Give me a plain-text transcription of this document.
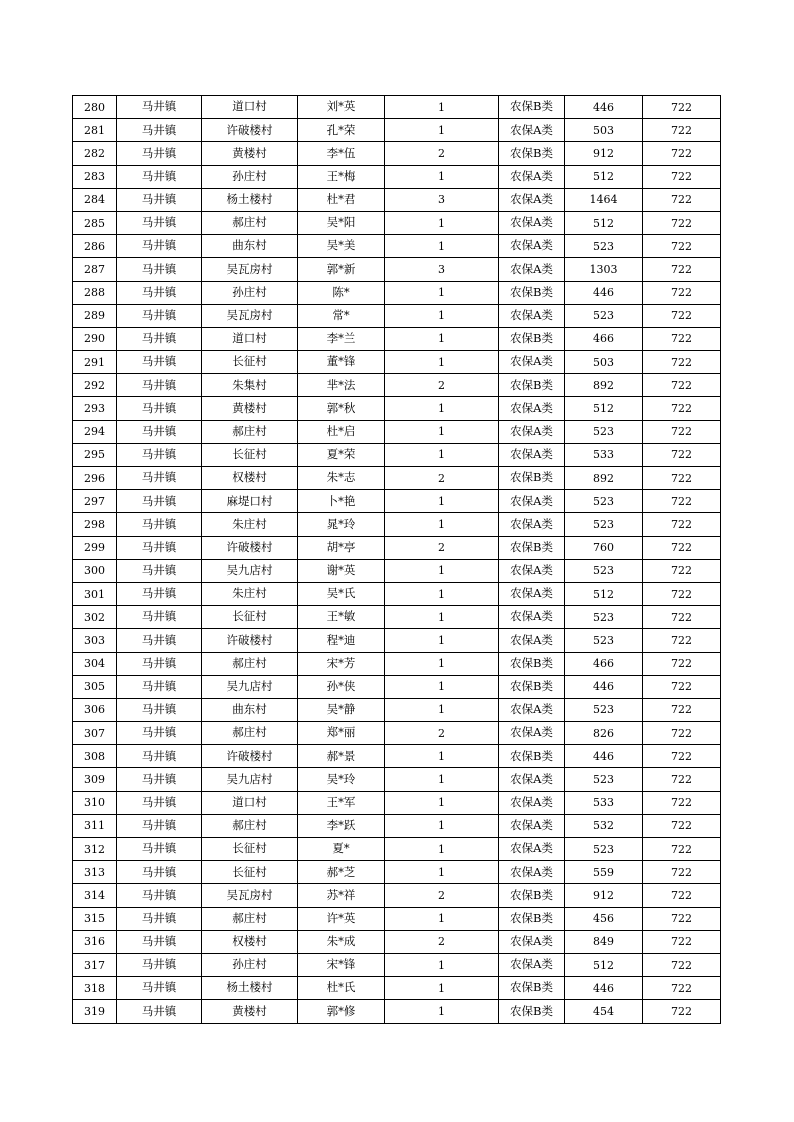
280	马井镇	道口村	刘*英	1	农保B类	446	722
281	马井镇	许破楼村	孔*荣	1	农保A类	503	722
282	马井镇	黄楼村	李*伍	2	农保B类	912	722
283	马井镇	孙庄村	王*梅	1	农保A类	512	722
284	马井镇	杨土楼村	杜*君	3	农保A类	1464	722
285	马井镇	郝庄村	吴*阳	1	农保A类	512	722
286	马井镇	曲东村	吴*美	1	农保A类	523	722
287	马井镇	吴瓦房村	郭*新	3	农保A类	1303	722
288	马井镇	孙庄村	陈*	1	农保B类	446	722
289	马井镇	吴瓦房村	常*	1	农保A类	523	722
290	马井镇	道口村	李*兰	1	农保B类	466	722
291	马井镇	长征村	董*锋	1	农保A类	503	722
292	马井镇	朱集村	芈*法	2	农保B类	892	722
293	马井镇	黄楼村	郭*秋	1	农保A类	512	722
294	马井镇	郝庄村	杜*启	1	农保A类	523	722
295	马井镇	长征村	夏*荣	1	农保A类	533	722
296	马井镇	权楼村	朱*志	2	农保B类	892	722
297	马井镇	麻堤口村	卜*艳	1	农保A类	523	722
298	马井镇	朱庄村	晁*玲	1	农保A类	523	722
299	马井镇	许破楼村	胡*亭	2	农保B类	760	722
300	马井镇	吴九店村	谢*英	1	农保A类	523	722
301	马井镇	朱庄村	吴*氏	1	农保A类	512	722
302	马井镇	长征村	王*敏	1	农保A类	523	722
303	马井镇	许破楼村	程*迪	1	农保A类	523	722
304	马井镇	郝庄村	宋*芳	1	农保B类	466	722
305	马井镇	吴九店村	孙*侠	1	农保B类	446	722
306	马井镇	曲东村	吴*静	1	农保A类	523	722
307	马井镇	郝庄村	郑*丽	2	农保A类	826	722
308	马井镇	许破楼村	郝*景	1	农保B类	446	722
309	马井镇	吴九店村	吴*玲	1	农保A类	523	722
310	马井镇	道口村	王*军	1	农保A类	533	722
311	马井镇	郝庄村	李*跃	1	农保A类	532	722
312	马井镇	长征村	夏*	1	农保A类	523	722
313	马井镇	长征村	郝*芝	1	农保A类	559	722
314	马井镇	吴瓦房村	苏*祥	2	农保B类	912	722
315	马井镇	郝庄村	许*英	1	农保B类	456	722
316	马井镇	权楼村	朱*成	2	农保A类	849	722
317	马井镇	孙庄村	宋*锋	1	农保A类	512	722
318	马井镇	杨土楼村	杜*氏	1	农保B类	446	722
319	马井镇	黄楼村	郭*修	1	农保B类	454	722
